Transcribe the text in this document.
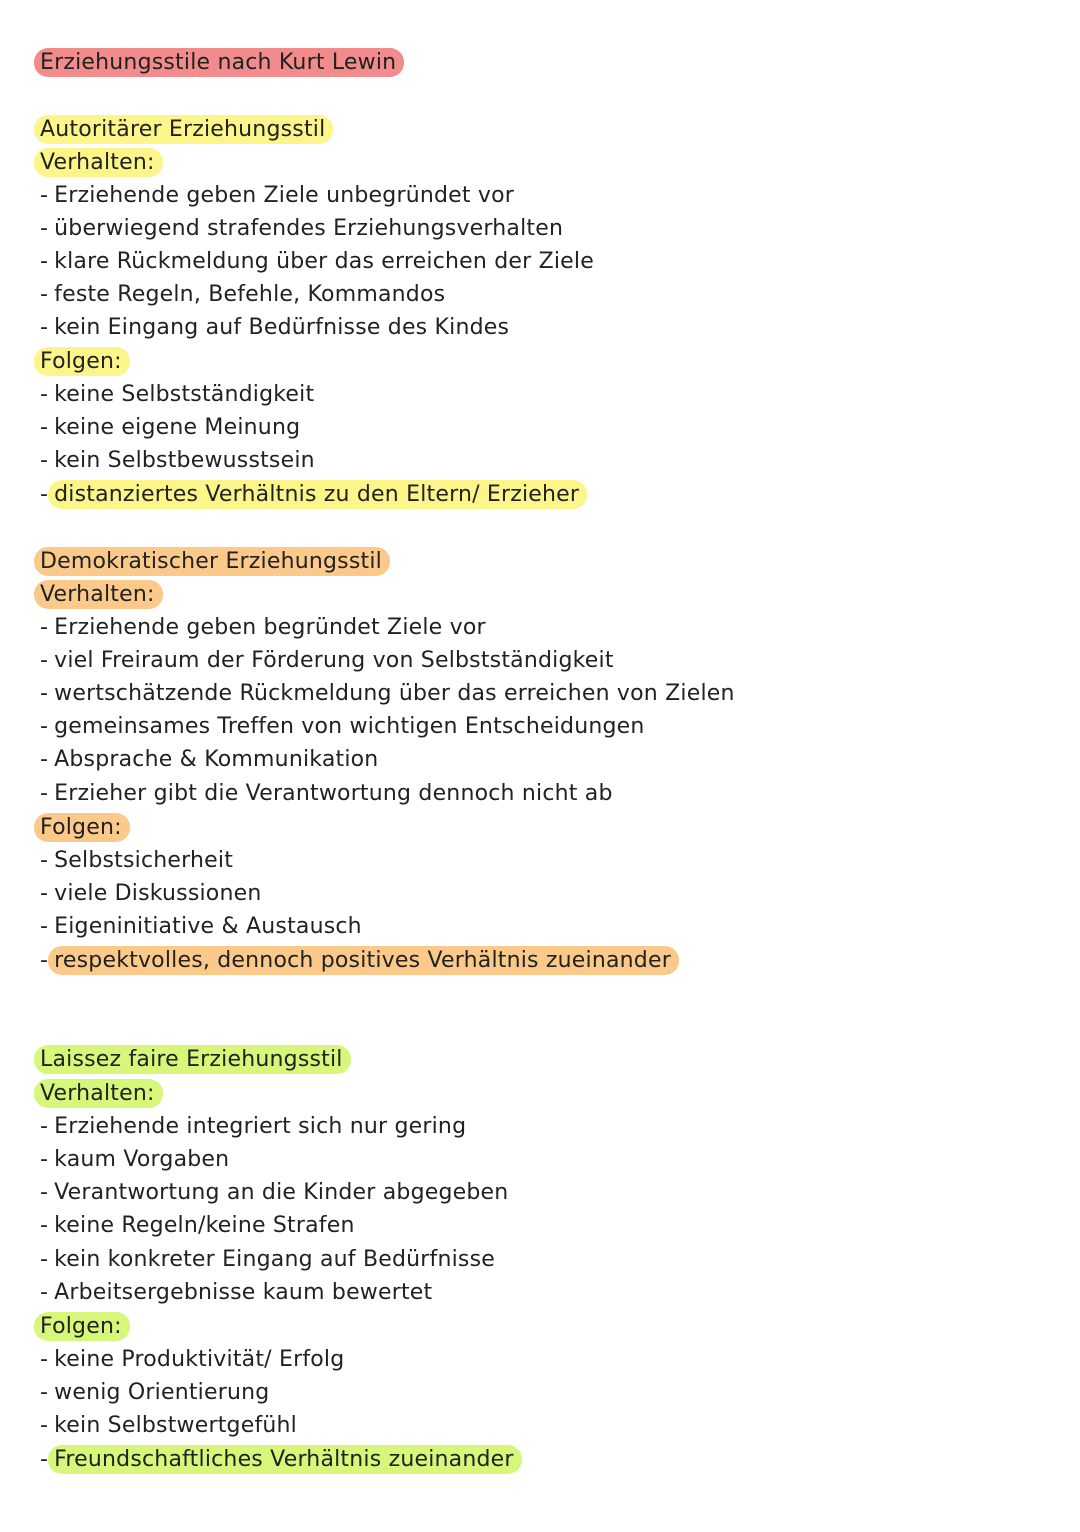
Erziehungsstile nach Kurt Lewin
Autoritärer Erziehungsstil
Verhalten:
- Erziehende geben Ziele unbegründet vor
- überwiegend strafendes Erziehungsverhalten
- klare Rückmeldung über das erreichen der Ziele
- feste Regeln, Befehle, Kommandos
- kein Eingang auf Bedürfnisse des Kindes
Folgen:
- keine Selbstständigkeit
- keine eigene Meinung
- kein Selbstbewusstsein
- distanziertes Verhältnis zu den Eltern/ Erzieher
Demokratischer Erziehungsstil
Verhalten:
- Erziehende geben begründet Ziele vor
- viel Freiraum der Förderung von Selbstständigkeit
- wertschätzende Rückmeldung über das erreichen von Zielen
- gemeinsames Treffen von wichtigen Entscheidungen
- Absprache & Kommunikation
- Erzieher gibt die Verantwortung dennoch nicht ab
Folgen:
- Selbstsicherheit
- viele Diskussionen
- Eigeninitiative & Austausch
- respektvolles, dennoch positives Verhältnis zueinander
Laissez faire Erziehungsstil
Verhalten:
- Erziehende integriert sich nur gering
- kaum Vorgaben
- Verantwortung an die Kinder abgegeben
- keine Regeln/keine Strafen
- kein konkreter Eingang auf Bedürfnisse
- Arbeitsergebnisse kaum bewertet
Folgen:
- keine Produktivität/ Erfolg
- wenig Orientierung
- kein Selbstwertgefühl
- Freundschaftliches Verhältnis zueinander
